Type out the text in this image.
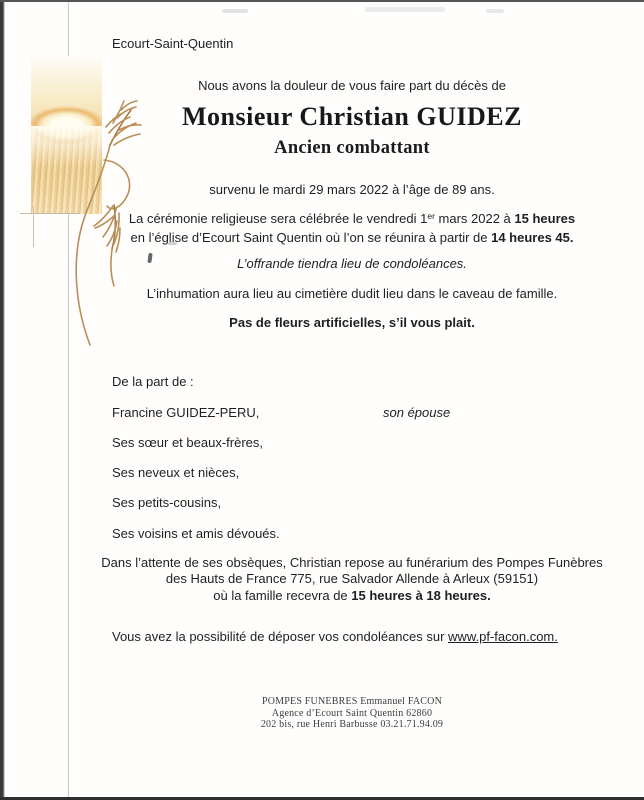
Ecourt-Saint-Quentin
Nous avons la douleur de vous faire part du décès de
Monsieur Christian GUIDEZ
Ancien combattant
survenu le mardi 29 mars 2022 à l’âge de 89 ans.
La cérémonie religieuse sera célébrée le vendredi 1er mars 2022 à 15 heures
en l’église d’Ecourt Saint Quentin où l’on se réunira à partir de 14 heures 45.
L’offrande tiendra lieu de condoléances.
L’inhumation aura lieu au cimetière dudit lieu dans le caveau de famille.
Pas de fleurs artificielles, s’il vous plait.
De la part de :
Francine GUIDEZ-PERU,	son épouse
Ses sœur et beaux-frères,
Ses neveux et nièces,
Ses petits-cousins,
Ses voisins et amis dévoués.
Dans l’attente de ses obsèques, Christian repose au funérarium des Pompes Funèbres
des Hauts de France 775, rue Salvador Allende à Arleux (59151)
où la famille recevra de 15 heures à 18 heures.
Vous avez la possibilité de déposer vos condoléances sur www.pf-facon.com.
POMPES FUNEBRES Emmanuel FACON
Agence d’Ecourt Saint Quentin 62860
202 bis, rue Henri Barbusse 03.21.71.94.09
